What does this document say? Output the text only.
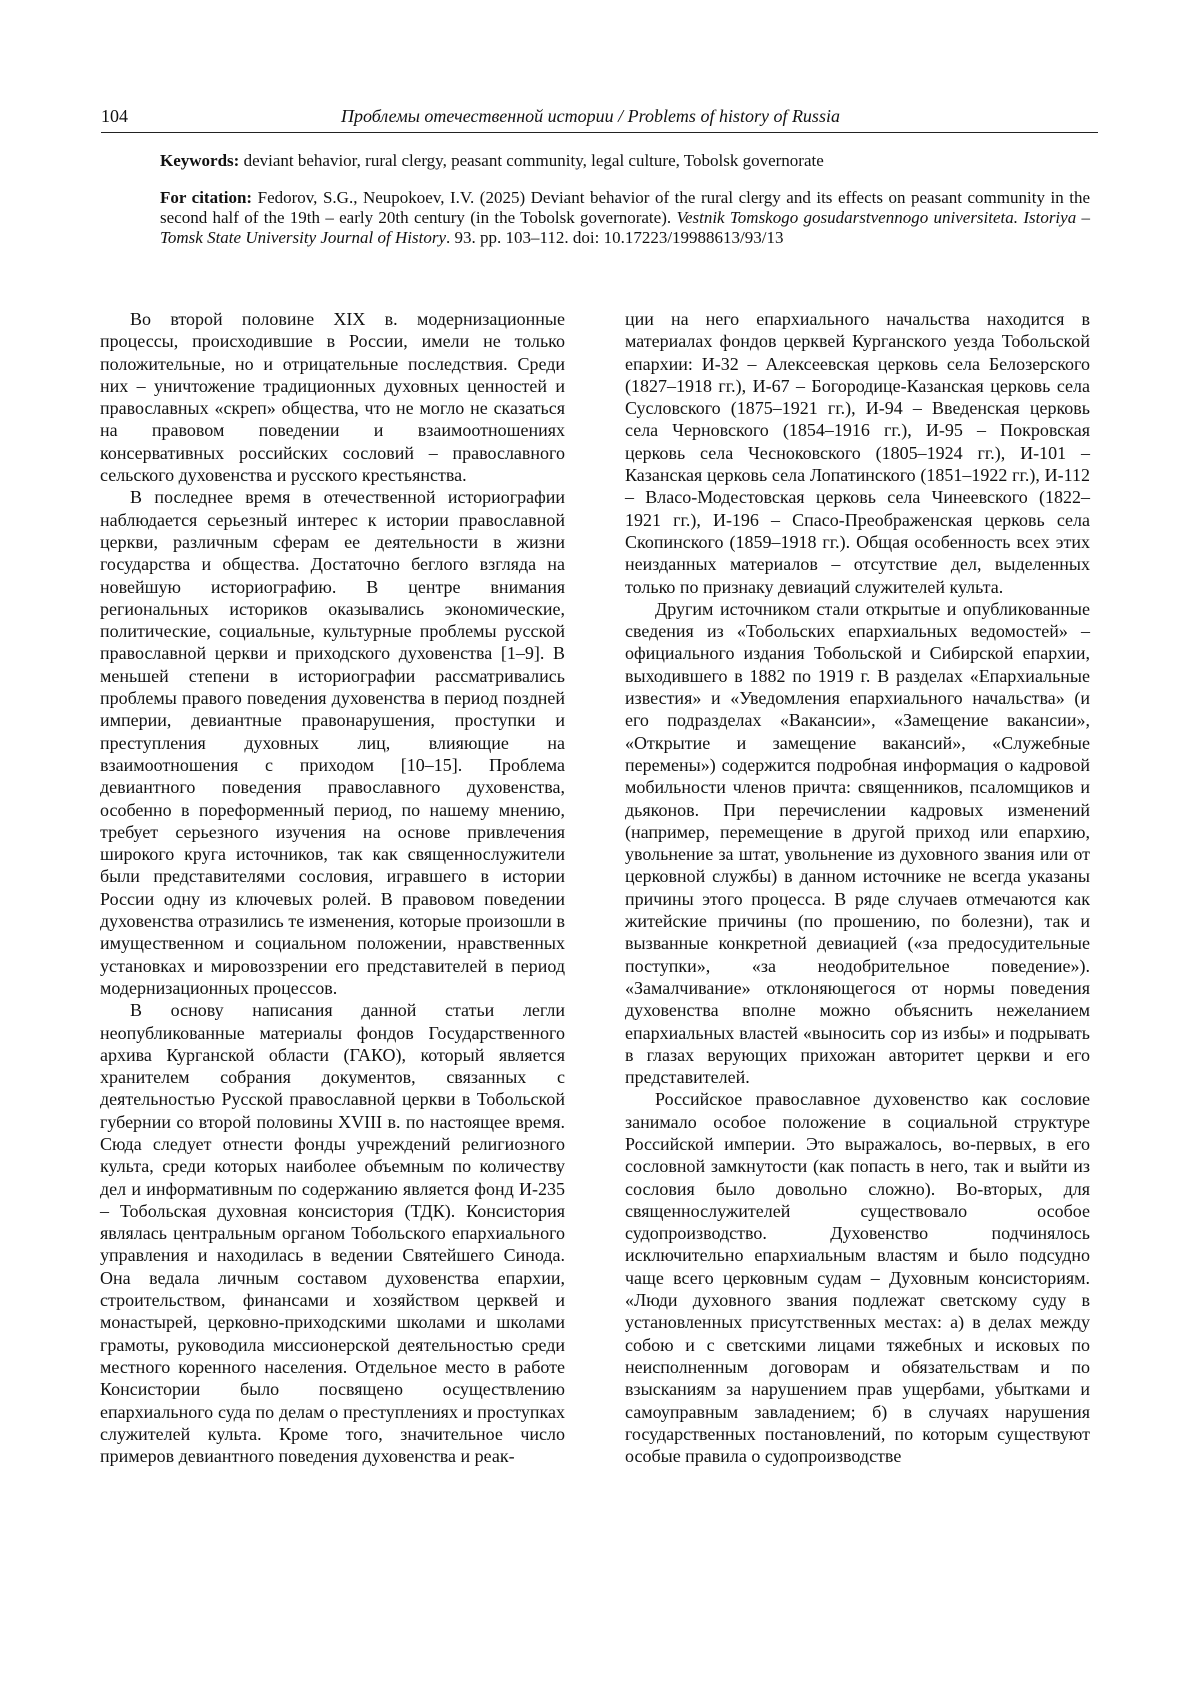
104	Проблемы отечественной истории / Problems of history of Russia
Keywords: deviant behavior, rural clergy, peasant community, legal culture, Tobolsk governorate
For citation: Fedorov, S.G., Neupokoev, I.V. (2025) Deviant behavior of the rural clergy and its effects on peasant community in the second half of the 19th – early 20th century (in the Tobolsk governorate). Vestnik Tomskogo gosudarstvennogo universiteta. Istoriya – Tomsk State University Journal of History. 93. pp. 103–112. doi: 10.17223/19988613/93/13

Во второй половине XIX в. модернизационные процессы, происходившие в России, имели не только положительные, но и отрицательные последствия. Среди них – уничтожение традиционных духовных ценностей и православных «скреп» общества, что не могло не сказаться на правовом поведении и взаимоотношениях консервативных российских сословий – православного сельского духовенства и русского крестьянства.

В последнее время в отечественной историографии наблюдается серьезный интерес к истории православной церкви, различным сферам ее деятельности в жизни государства и общества. Достаточно беглого взгляда на новейшую историографию. В центре внимания региональных историков оказывались экономические, политические, социальные, культурные проблемы русской православной церкви и приходского духовенства [1–9]. В меньшей степени в историографии рассматривались проблемы правого поведения духовенства в период поздней империи, девиантные правонарушения, проступки и преступления духовных лиц, влияющие на взаимоотношения с приходом [10–15]. Проблема девиантного поведения православного духовенства, особенно в пореформенный период, по нашему мнению, требует серьезного изучения на основе привлечения широкого круга источников, так как священнослужители были представителями сословия, игравшего в истории России одну из ключевых ролей. В правовом поведении духовенства отразились те изменения, которые произошли в имущественном и социальном положении, нравственных установках и мировоззрении его представителей в период модернизационных процессов.

В основу написания данной статьи легли неопубликованные материалы фондов Государственного архива Курганской области (ГАКО), который является хранителем собрания документов, связанных с деятельностью Русской православной церкви в Тобольской губернии со второй половины XVIII в. по настоящее время. Сюда следует отнести фонды учреждений религиозного культа, среди которых наиболее объемным по количеству дел и информативным по содержанию является фонд И-235 – Тобольская духовная консистория (ТДК). Консистория являлась центральным органом Тобольского епархиального управления и находилась в ведении Святейшего Синода. Она ведала личным составом духовенства епархии, строительством, финансами и хозяйством церквей и монастырей, церковно-приходскими школами и школами грамоты, руководила миссионерской деятельностью среди местного коренного населения. Отдельное место в работе Консистории было посвящено осуществлению епархиального суда по делам о преступлениях и проступках служителей культа. Кроме того, значительное число примеров девиантного поведения духовенства и реак-

ции на него епархиального начальства находится в материалах фондов церквей Курганского уезда Тобольской епархии: И-32 – Алексеевская церковь села Белозерского (1827–1918 гг.), И-67 – Богородице-Казанская церковь села Сусловского (1875–1921 гг.), И-94 – Введенская церковь села Черновского (1854–1916 гг.), И-95 – Покровская церковь села Чесноковского (1805–1924 гг.), И-101 – Казанская церковь села Лопатинского (1851–1922 гг.), И-112 – Власо-Модестовская церковь села Чинеевского (1822–1921 гг.), И-196 – Спасо-Преображенская церковь села Скопинского (1859–1918 гг.). Общая особенность всех этих неизданных материалов – отсутствие дел, выделенных только по признаку девиаций служителей культа.

Другим источником стали открытые и опубликованные сведения из «Тобольских епархиальных ведомостей» – официального издания Тобольской и Сибирской епархии, выходившего в 1882 по 1919 г. В разделах «Епархиальные известия» и «Уведомления епархиального начальства» (и его подразделах «Вакансии», «Замещение вакансии», «Открытие и замещение вакансий», «Служебные перемены») содержится подробная информация о кадровой мобильности членов причта: священников, псаломщиков и дьяконов. При перечислении кадровых изменений (например, перемещение в другой приход или епархию, увольнение за штат, увольнение из духовного звания или от церковной службы) в данном источнике не всегда указаны причины этого процесса. В ряде случаев отмечаются как житейские причины (по прошению, по болезни), так и вызванные конкретной девиацией («за предосудительные поступки», «за неодобрительное поведение»). «Замалчивание» отклоняющегося от нормы поведения духовенства вполне можно объяснить нежеланием епархиальных властей «выносить сор из избы» и подрывать в глазах верующих прихожан авторитет церкви и его представителей.

Российское православное духовенство как сословие занимало особое положение в социальной структуре Российской империи. Это выражалось, во-первых, в его сословной замкнутости (как попасть в него, так и выйти из сословия было довольно сложно). Во-вторых, для священнослужителей существовало особое судопроизводство. Духовенство подчинялось исключительно епархиальным властям и было подсудно чаще всего церковным судам – Духовным консисториям. «Люди духовного звания подлежат светскому суду в установленных присутственных местах: а) в делах между собою и с светскими лицами тяжебных и исковых по неисполненным договорам и обязательствам и по взысканиям за нарушением прав ущербами, убытками и самоуправным завладением; б) в случаях нарушения государственных постановлений, по которым существуют особые правила о судопроизводстве
